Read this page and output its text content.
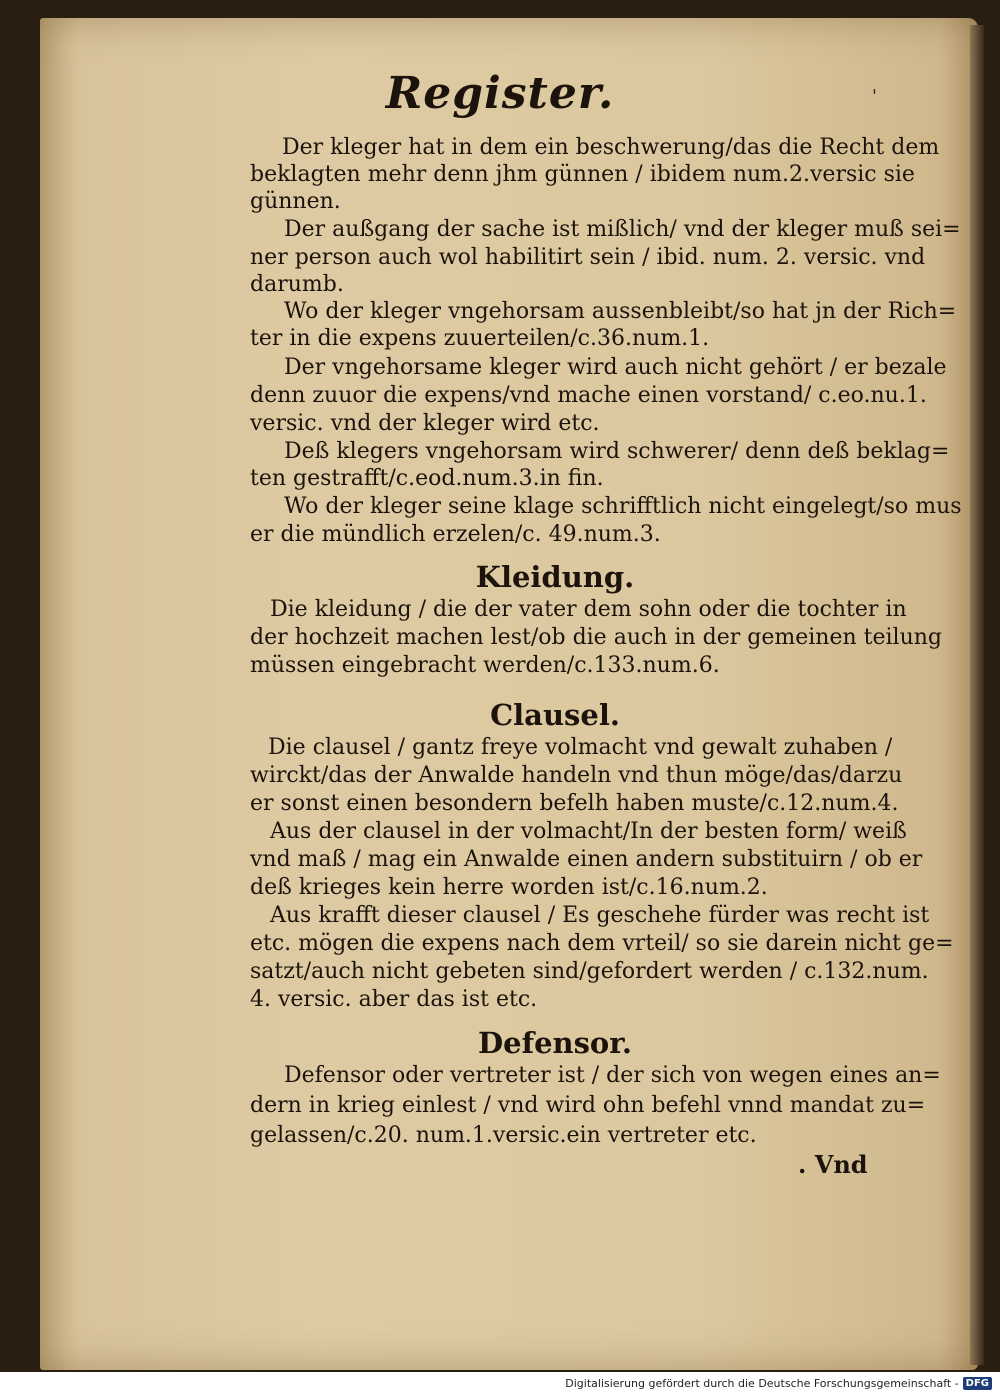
Register.	'
Der kleger hat in dem ein beschwerung/das die Recht dem
beklagten mehr denn jhm günnen / ibidem num.2.versic sie
günnen.
Der außgang der sache ist mißlich/ vnd der kleger muß sei=
ner person auch wol habilitirt sein / ibid. num. 2. versic. vnd
darumb.
Wo der kleger vngehorsam aussenbleibt/so hat jn der Rich=
ter in die expens zuuerteilen/c.36.num.1.
Der vngehorsame kleger wird auch nicht gehört / er bezale
denn zuuor die expens/vnd mache einen vorstand/ c.eo.nu.1.
versic. vnd der kleger wird etc.
Deß klegers vngehorsam wird schwerer/ denn deß beklag=
ten gestrafft/c.eod.num.3.in fin.
Wo der kleger seine klage schrifftlich nicht eingelegt/so mus
er die mündlich erzelen/c. 49.num.3.
Kleidung.
Die kleidung / die der vater dem sohn oder die tochter in
der hochzeit machen lest/ob die auch in der gemeinen teilung
müssen eingebracht werden/c.133.num.6.
Clausel.
Die clausel / gantz freye volmacht vnd gewalt zuhaben /
wirckt/das der Anwalde handeln vnd thun möge/das/darzu
er sonst einen besondern befelh haben muste/c.12.num.4.
Aus der clausel in der volmacht/In der besten form/ weiß
vnd maß / mag ein Anwalde einen andern substituirn / ob er
deß krieges kein herre worden ist/c.16.num.2.
Aus krafft dieser clausel / Es geschehe fürder was recht ist
etc. mögen die expens nach dem vrteil/ so sie darein nicht ge=
satzt/auch nicht gebeten sind/gefordert werden / c.132.num.
4. versic. aber das ist etc.
Defensor.
Defensor oder vertreter ist / der sich von wegen eines an=
dern in krieg einlest / vnd wird ohn befehl vnnd mandat zu=
gelassen/c.20. num.1.versic.ein vertreter etc.
. Vnd
Digitalisierung gefördert durch die Deutsche Forschungsgemeinschaft - DFG
